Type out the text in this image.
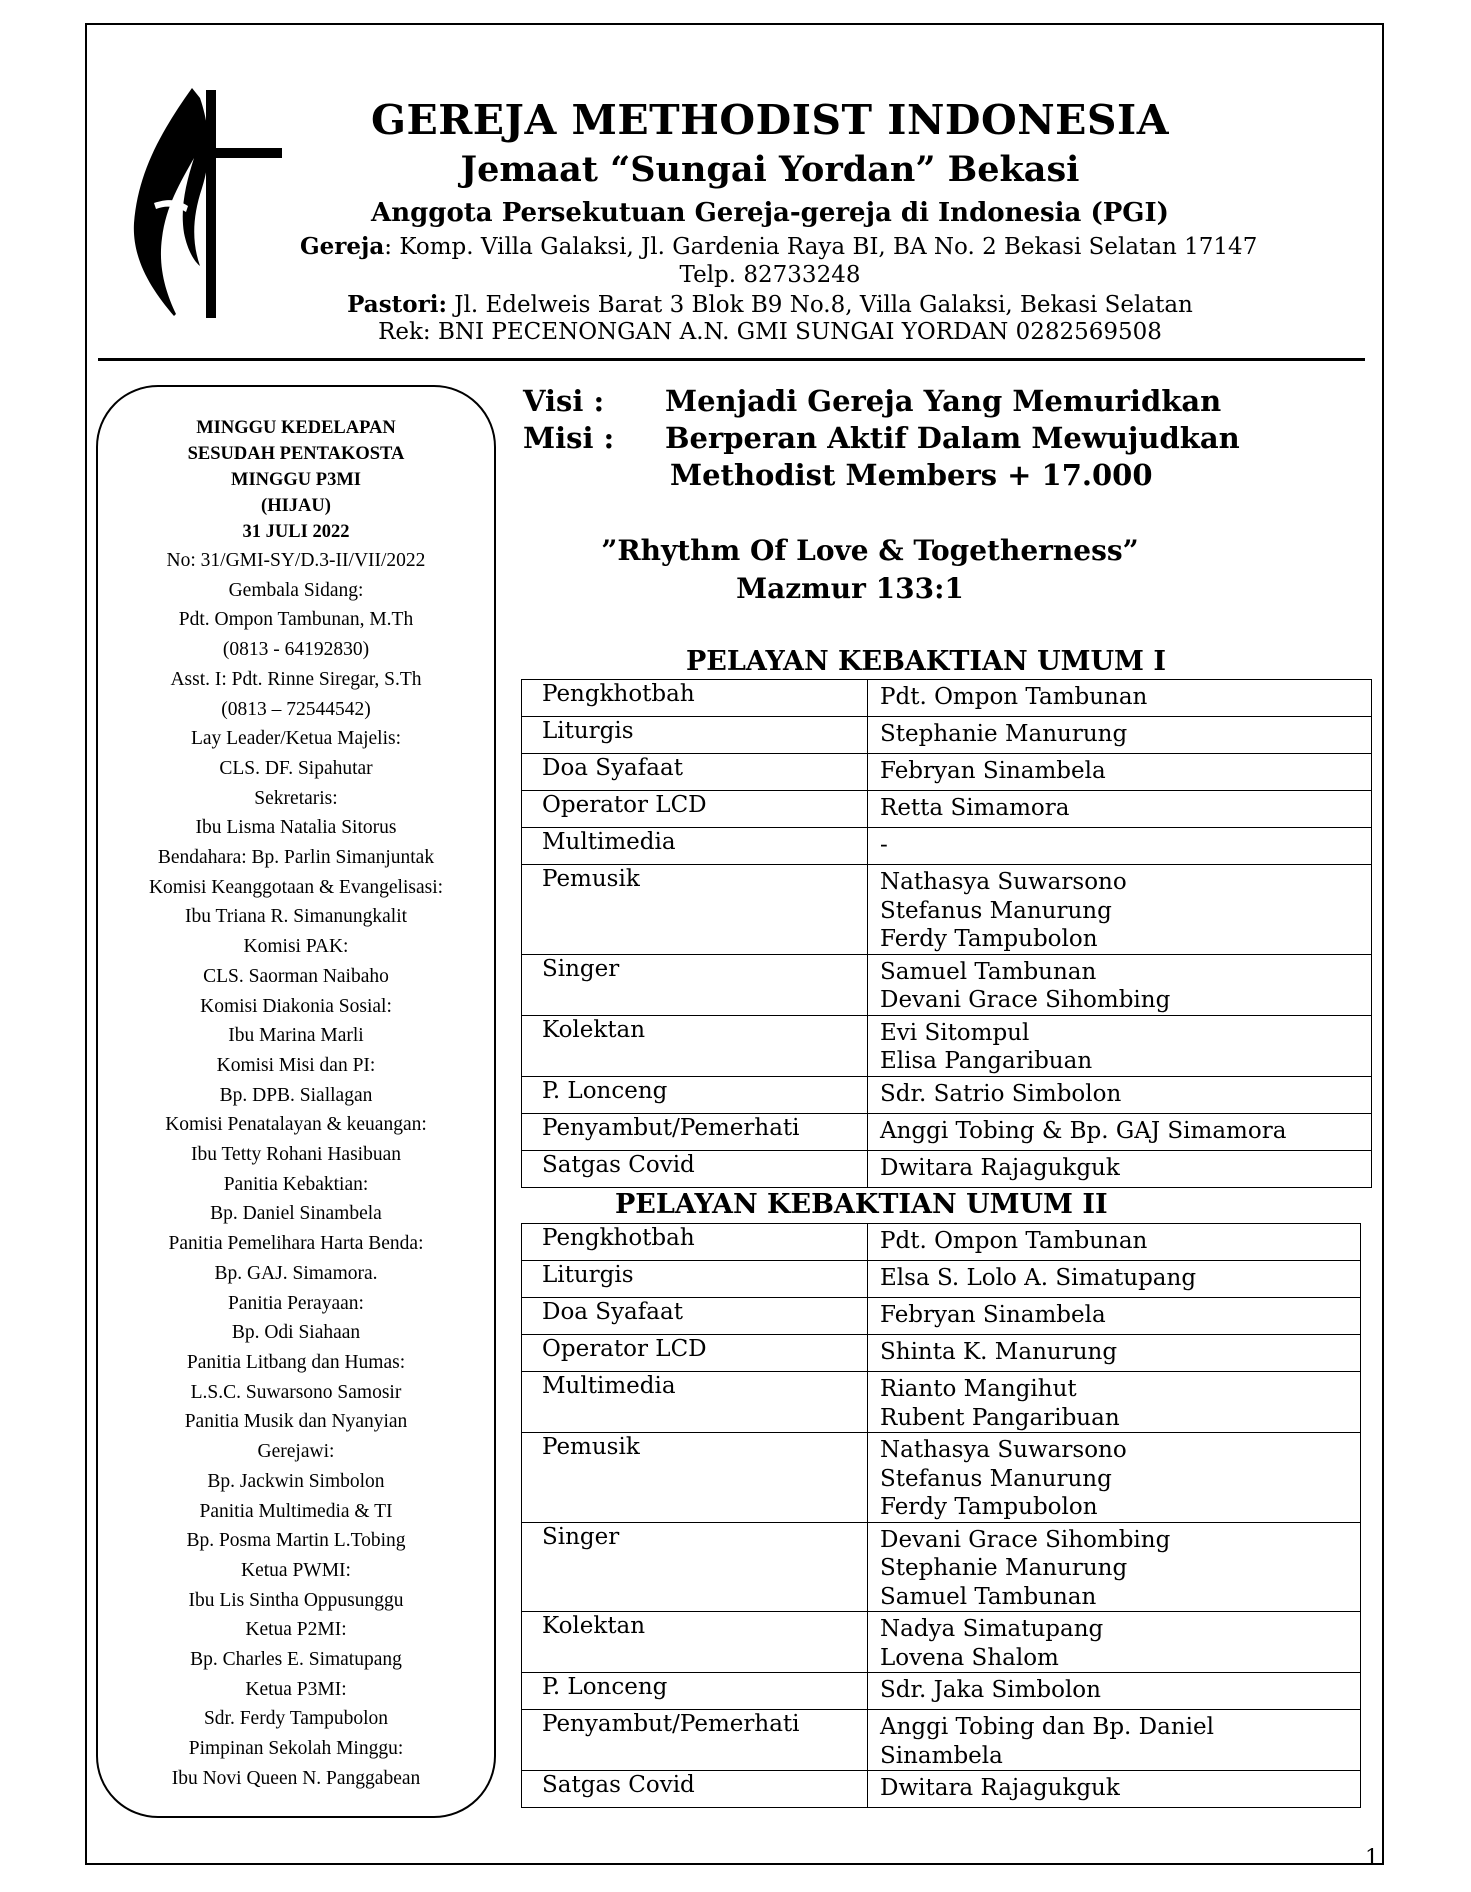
GEREJA METHODIST INDONESIA
Jemaat “Sungai Yordan” Bekasi
Anggota Persekutuan Gereja-gereja di Indonesia (PGI)
Gereja: Komp. Villa Galaksi, Jl. Gardenia Raya BI, BA No. 2 Bekasi Selatan 17147
Telp. 82733248
Pastori: Jl. Edelweis Barat 3 Blok B9 No.8, Villa Galaksi, Bekasi Selatan
Rek: BNI PECENONGAN A.N. GMI SUNGAI YORDAN 0282569508
MINGGU KEDELAPAN
SESUDAH PENTAKOSTA
MINGGU P3MI
(HIJAU)
31 JULI 2022
No: 31/GMI-SY/D.3-II/VII/2022
Gembala Sidang:
Pdt. Ompon Tambunan, M.Th
(0813 - 64192830)
Asst. I: Pdt. Rinne Siregar, S.Th
(0813 – 72544542)
Lay Leader/Ketua Majelis:
CLS. DF. Sipahutar
Sekretaris:
Ibu Lisma Natalia Sitorus
Bendahara: Bp. Parlin Simanjuntak
Komisi Keanggotaan & Evangelisasi:
Ibu Triana R. Simanungkalit
Komisi PAK:
CLS. Saorman Naibaho
Komisi Diakonia Sosial:
Ibu Marina Marli
Komisi Misi dan PI:
Bp. DPB. Siallagan
Komisi Penatalayan & keuangan:
Ibu Tetty Rohani Hasibuan
Panitia Kebaktian:
Bp. Daniel Sinambela
Panitia Pemelihara Harta Benda:
Bp. GAJ. Simamora.
Panitia Perayaan:
Bp. Odi Siahaan
Panitia Litbang dan Humas:
L.S.C. Suwarsono Samosir
Panitia Musik dan Nyanyian
Gerejawi:
Bp. Jackwin Simbolon
Panitia Multimedia & TI
Bp. Posma Martin L.Tobing
Ketua PWMI:
Ibu Lis Sintha Oppusunggu
Ketua P2MI:
Bp. Charles E. Simatupang
Ketua P3MI:
Sdr. Ferdy Tampubolon
Pimpinan Sekolah Minggu:
Ibu Novi Queen N. Panggabean
Visi : Menjadi Gereja Yang Memuridkan
Misi : Berperan Aktif Dalam Mewujudkan
Methodist Members + 17.000
”Rhythm Of Love & Togetherness”
Mazmur 133:1
PELAYAN KEBAKTIAN UMUM I
Pengkhotbah	Pdt. Ompon Tambunan

Liturgis	Stephanie Manurung

Doa Syafaat	Febryan Sinambela

Operator LCD	Retta Simamora

Multimedia	-

Pemusik	Nathasya Suwarsono
Stefanus Manurung
Ferdy Tampubolon

Singer	Samuel Tambunan
Devani Grace Sihombing

Kolektan	Evi Sitompul
Elisa Pangaribuan

P. Lonceng	Sdr. Satrio Simbolon

Penyambut/Pemerhati	Anggi Tobing & Bp. GAJ Simamora

Satgas Covid	Dwitara Rajagukguk
PELAYAN KEBAKTIAN UMUM II
Pengkhotbah	Pdt. Ompon Tambunan

Liturgis	Elsa S. Lolo A. Simatupang

Doa Syafaat	Febryan Sinambela

Operator LCD	Shinta K. Manurung

Multimedia	Rianto Mangihut
Rubent Pangaribuan

Pemusik	Nathasya Suwarsono
Stefanus Manurung
Ferdy Tampubolon

Singer	Devani Grace Sihombing
Stephanie Manurung
Samuel Tambunan

Kolektan	Nadya Simatupang
Lovena Shalom

P. Lonceng	Sdr. Jaka Simbolon

Penyambut/Pemerhati	Anggi Tobing dan Bp. Daniel
Sinambela

Satgas Covid	Dwitara Rajagukguk
1
